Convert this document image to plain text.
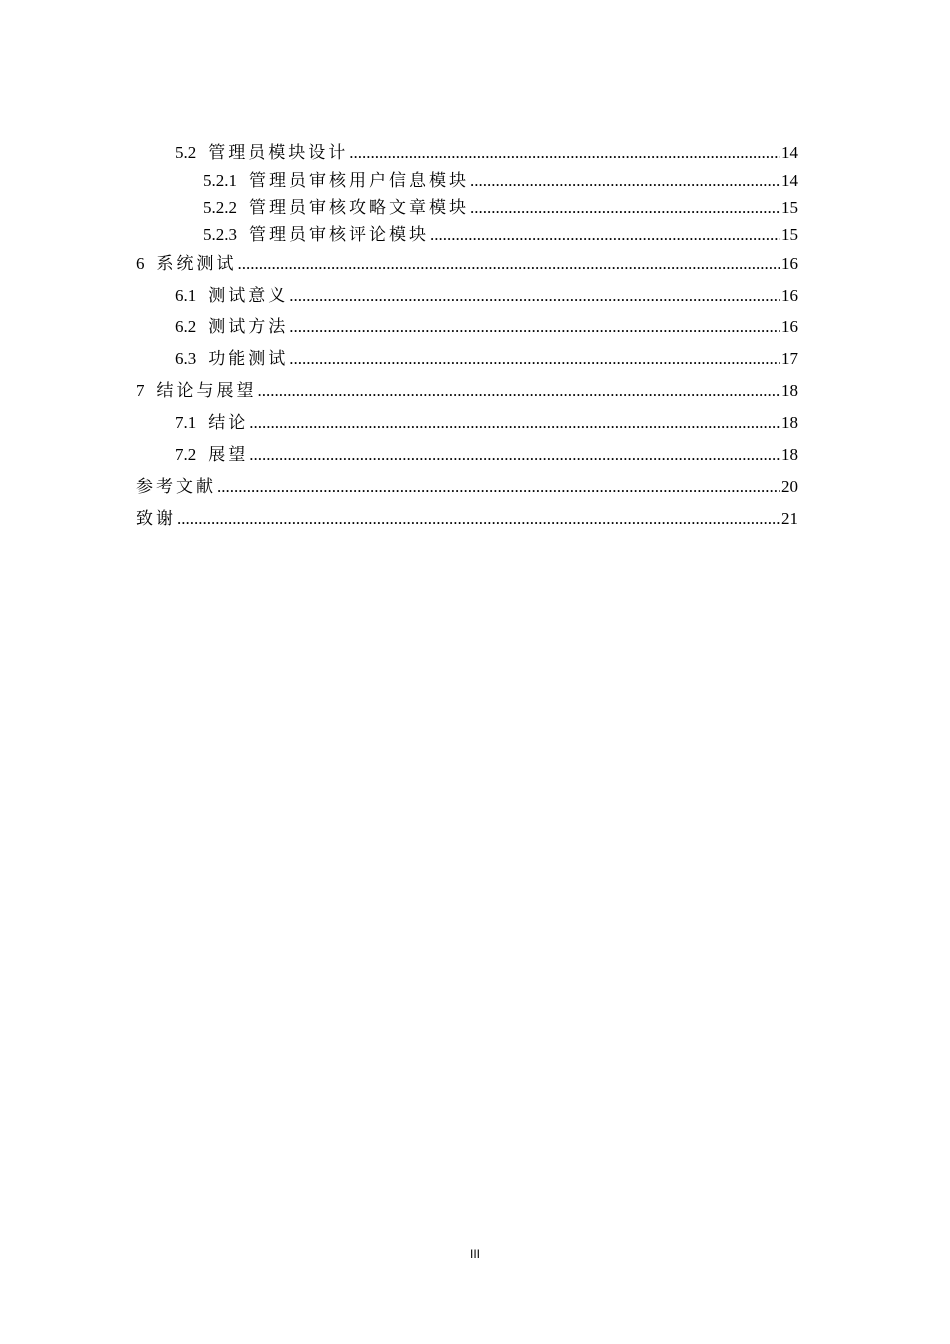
5.2 管理员模块设计 .....	14
5.2.1 管理员审核用户信息模块 .....	14
5.2.2 管理员审核攻略文章模块 .....	15
5.2.3 管理员审核评论模块 .....	15
6 系统测试 .....	16
6.1 测试意义 .....	16
6.2 测试方法 .....	16
6.3 功能测试 .....	17
7 结论与展望 .....	18
7.1 结论 .....	18
7.2 展望 .....	18
参考文献 .....	20
致谢 .....	21
III
